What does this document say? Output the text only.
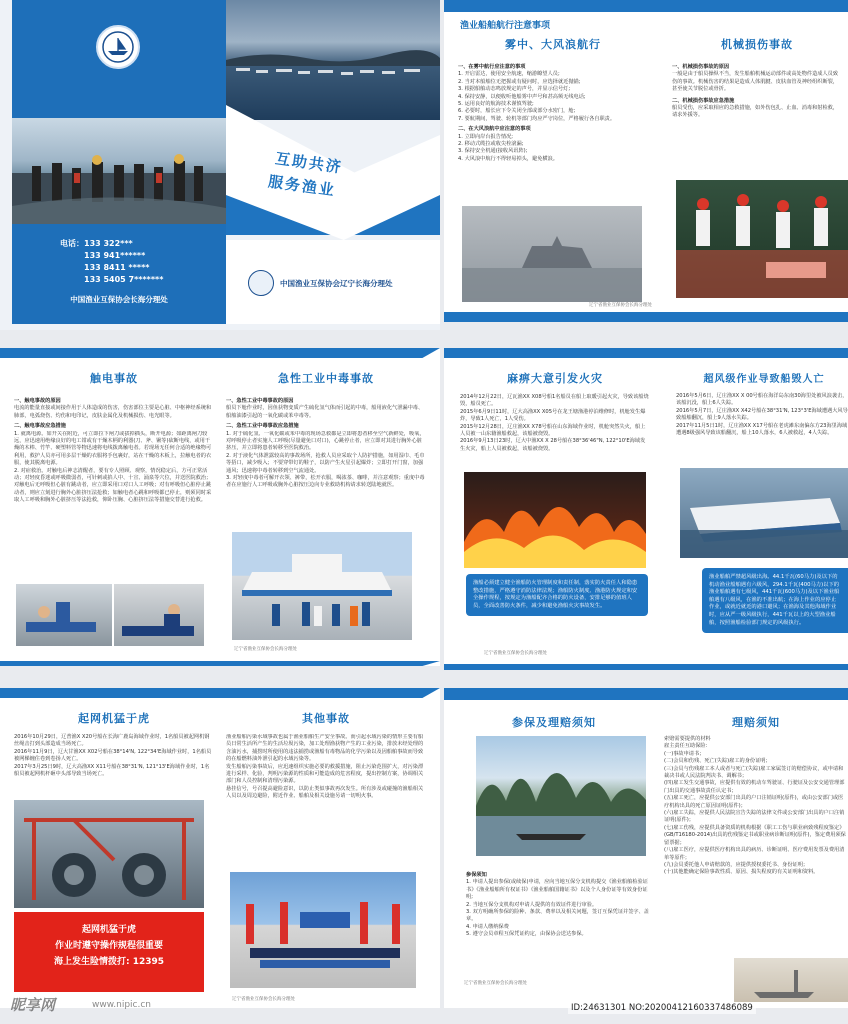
电话：133 322***
133 941******
133 8411 *****
133 5405 7*******
中国渔业互保协会长海分理处
互助共济
服务渔业
中国渔业互保协会辽宁长海分理处
渔业船舶航行注意事项
雾中、大风浪航行
一、在雾中航行应注意的事项
1. 开启雷达，使用安全航速，缩游瞭望人员;
2. 当对本船舶位无把握或有疑问时，应选择就近抛锚;
3. 根据船舶动态鸣放规定的声号，并显示信号灯;
4. 保持安静，以便收听他船雾中声号和甚高频无线电话;
5. 运用良好的航海技术谨慎驾驶;
6. 必要时，船长应下令关闭全部或部分水密门，舱;
7. 要航期间，驾驶、轮机等部门均应严守岗位，严格履行各自职责。
二、在大风浪航中应注意的事项
1. 立即向岸台报告情况;
2. 移动式缆拉或收尖栓滚漏;
3. 保持安全机通(接收风讯阵);
4. 大风浪中航行不得轻易掉头，避免横浪。
机械损伤事故
一、机械损伤事故的原因
一般是由于船员操纵不当，发生船舶机械运动部件或高处物件造成人员致伤的事故。机械伤害的结果是造成人体肌腱、皮肤血管及神经组织断裂，甚至使关节脱位或骨折。
二、机械损伤事故应急措施
船员受伤，应采取相应的急救措施，如外伤包扎、止血、消毒和射检救，请求外援等。
辽宁省渔业互保协会长海分理处
触电事故
一、触电事故的原因
电流的能量直接或间接作用于人体造成的伤害，伤害部位主要是心脏、中枢神经系统和肺部，电弧烧伤、灼伤和电印记，皮肤金属化及机械损伤、电光眼等。
二、触电事故应急措施
1. 就离电源。如开关在附近，可立即拉下闸刀或拔掉插头，断开电源；如距离闸刀较远，应迅速用绝缘良好的电工钳或有干燥木柄的利器(刀、斧、锹等)砍断电线，或用干燥的木棒、竹竿、硬塑料管等物迅速将电线拨离触电者。若现场无任何合适的绝缘物可利用，救护人员亦可用多层干燥的衣服将手包裹好，站在干燥的木板上，拉触电者的衣服，使其脱离电源。
2. 对症救治。对触电后神志清醒者，要有专人照顾、观察，情况稳定后，方可正常活动；对轻度昏迷或呼吸微弱者，可针刺或掐人中、十宣、涌泉等穴位，并送医院救治；对触电后无呼吸但心脏有跳动者，应立即采用口对口人工呼吸；对有呼吸但心脏停止跳动者，则应立刻进行胸外心脏挤压法抢救；如触电者心跳和呼吸都已停止，则须同时采取人工呼吸和胸外心脏挤压等法抢救，仰卧压胸、心脏挤压法等措施交替进行抢救。
急性工业中毒事故
一、急性工业中毒事故的原因
船员下舱作业时，因鱼获物变质产生硫化氢气体而引起的中毒，船用液化气泄漏中毒、船舶油漆引起的一氧化碳或苯中毒等。
二、急性工业中毒事故应急措施
1. 对于硫化氢、一氧化碳或苯中毒的现场急救都是立即将患者移至空气新鲜处，吸氧，对呼吸停止者实施人工呼吸(尽量避免口对口)，心跳停止者，应立即对其进行胸外心脏挤压，并立即将患者转移至医院救治。
2. 对于液化气体泄露较高的事故场所，抢救人员应采取个人防护措施，如用湿巾、毛巾等捂口，减少吸入；不要穿带钉的鞋子，以防产生火星引起爆炸；立即打开门窗，加强通风；迅速将中毒者转移到空气流通处。
3. 对轻度中毒者可解开衣领、裤带，松开衣服，喝浓茶、咖啡，并注意观察；重度中毒者在应施行人工呼吸或胸外心脏按压边向专业救助机构请求转送陆地就医。
辽宁省渔业互保协会长海分理处
麻痹大意引发火灾
2014年12月22日，辽瓦渔XX X08号船1名船员在船上取暖引起火灾，导致该船烧毁，船员死亡。
2015年6月9日11时，辽大高渔XX X05号在龙王塘渔港停泊维修时，机舱发生爆炸，导致1人死亡，1人受伤。
2015年12月28日，辽庄渔XX X78号船在山东海域作业时，机舱突然失火，船上人员被一山东籍渔船救起，该船被烧毁。
2016年9月13日23时，辽大中渔XX X 28号船在38°36'46"N, 122°10'E海域发生火灾，船上人员被救起，该船被烧毁。
渔船必须建立健全渔船防火管理制度和责任制，落实防火责任人和隐患整改措施，严格遵守消防法律法规；渔船防火制度、渔港防火规定和安全操作规程，按规定为渔船配齐合格的防火设备，安排足够的值班人员，全面改善防火条件，减少和避免渔船火灾事故发生。
超风级作业导致船毁人亡
2016年5月6日，辽庄渔XX X 00号船在海洋岛东南30海里处被风浪袭击，该船沉没，船上6人失踪。
2016年5月7日，辽庄渔XX X42号船在38°31'N, 123°3'E海域遭遇大风导致船舶翻沉，船上9人落水失踪。
2017年11月5日1时，辽庄渔XX X17号船在老虎滩东南偏东方23海里海域遭遇8级强风导致该船翻沉，船上10人落水，6人被救起，4人失踪。
渔业船舶严禁超风级出海。44.1千瓦(60马力)及以下的机动渔业船舶遇有六级风，294.1千瓦(400马力)以下的渔业船舶遇有七级风，441千瓦(600马力)及以下渔业船舶遇有八级风，在渔的不准出航；在海上作业的应停止作业，或就近就近的港口避风；在渔海及其他海域作业时，应从严一级风级执行，441千瓦以上的大型渔业船舶，按照渔船检验部门规定的风级执行。
辽宁省渔业互保协会长海分理处
起网机猛于虎
2016年10月29日，辽普渔X X20号船在长海广鹿岛海域作业时，1名船员被起网机钢丝绳击打到头部造成当场死亡。
2016年11月9日，辽大甘渔XX X02号船在38°14'N, 122°34'E海域作业时，1名船员被网梯缠住卷到卷扬人死亡。
2017年3月25日9时，辽大高渔XX X11号船在38°31'N, 121°13'E海域作业时，1名船员被起网机杆砸中头部导致当场死亡。
起网机猛于虎
作业时遵守操作规程很重要
海上发生险情拨打: 12395
其他事故
渔业船舶污染水域事故也属于渔业船舶生产安全事故。而引起水域污染的情形主要有船员日常生活所产生的生活垃圾污染，加工处理渔获物产生的工业污染，排放未经处理的含油污水，捕捞时所使用的违法捕捞或渔船有毒物品的化学污染以及因船舶事故而导致的在船燃料油外泄引起的水域污染等。
发生船舶污染事故后，应迅速组织实施必要的救援措施，阻止污染范围扩大，对污染漂进行采样、化验，判明污染源的性质和可能造成的危害程度，提出控制方案，协调相关部门和人员控制和清理污染源。
悬挂信号，号召提高避险意识，以防止类似事故再次发生。所有涉及或碰撞的渔船相关人员以及周边避险，附近作业、船舶及相关设施另请一切明火事。
辽宁省渔业互保协会长海分理处
参保及理赔须知
参保须知
1. 申请人提出参保(或续保)申请，应向当地互保分支机构提交《渔业船舶检验证书》《渔业船舶所有权证书》《渔业船舶国籍证书》以及个人身份证等有效身份证明;
2. 当地互保分支机构对申请人提供的有效证件进行审验。
3. 双方明确所参保的险种、条款、费率以及相关问题，签订互保凭证并签字、盖章。
4. 申请人缴纳保费
5. 遵守会员章程互保凭证约定，由保协会送达参保。
理赔须知
索赔需要提供的材料
雇主责任互助保险：
(一)事故申请书；
(二)会员和伤残、死亡(失踪)雇工的身份证明；
(三)会员与伤残雇工本人或者与死亡(失踪)雇工家属签订的赔偿协议，或申请和裁决书或人民法院判决书、调解书；
(四)雇工发生交通事故，应提供有效的机动车驾驶证、行驶证及公安交通管理部门出具的交通事故责任认定书；
(五)雇工死亡，应提供公安部门出具的户口注销证明(原件)，或由公安部门或医疗机构出具的死亡原因证明(原件)；
(六)雇工失踪，应提供人民法院宣告失踪的法律文件或公安部门出具的户口注销证明(原件)；
(七)雇工伤残，应提供具备资质的机构根据《职工工伤与职业病致残程度鉴定》(GB/T16180-2014)出具的伤残鉴定书或职业病诊断证明(原件)，鉴定费用须保留票据；
(八)雇工医疗，应提供医疗机构出具的病历、诊断证明、医疗费用发票及费用清单等原件；
(九)会员委托他人申请赔款的，应提供授权委托书、身份证明；
(十)其他能确定保险事故性质、原因、损失程度的有关证明和资料。
辽宁省渔业互保协会长海分理处
昵享网	www.nipic.cn	ID:24631301 NO:20200412160337486089
